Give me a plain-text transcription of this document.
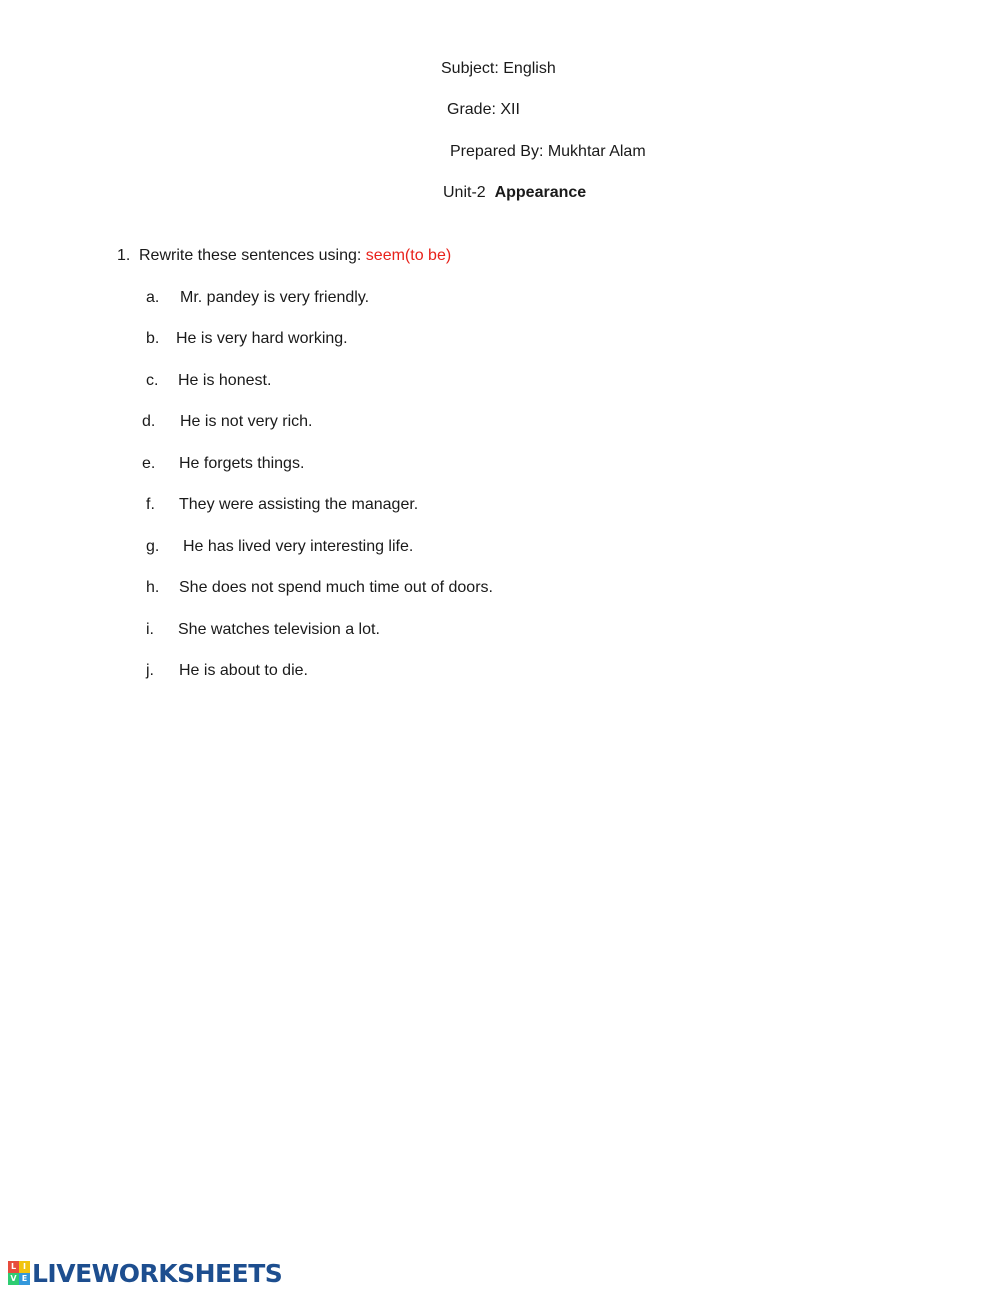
Subject: English
Grade: XII
Prepared By: Mukhtar Alam
Unit-2 Appearance
1. Rewrite these sentences using: seem(to be)
a. Mr. pandey is very friendly.
b. He is very hard working.
c. He is honest.
d. He is not very rich.
e. He forgets things.
f. They were assisting the manager.
g. He has lived very interesting life.
h. She does not spend much time out of doors.
i. She watches television a lot.
j. He is about to die.
L I
V E LIVEWORKSHEETS
